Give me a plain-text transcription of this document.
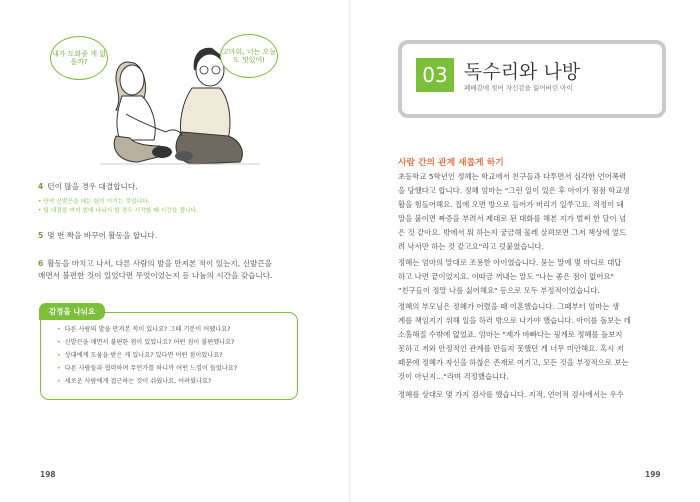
내가 도와줄 게 없을까?
고마워, 너는 오늘도 멋있어!
4 턴이 많을 경우 대결합니다.
• 만약 신발끈을 매는 팀이 이기는 것입니다.
• 팀 대결을 여러 번에 나눠서 할 경우 시작할 때 시간을 잽니다.
5 몇 번 짝을 바꾸어 활동을 합니다.
6 활동을 마치고 나서, 다른 사람의 발을 만져본 적이 있는지, 신발끈을
매면서 불편한 것이 있었다면 무엇이었는지 등 나눔의 시간을 갖습니다.
감정을 나눠요
• 다른 사람의 발을 만져본 적이 있나요? 그때 기분이 어땠나요?
• 신발끈을 매면서 불편한 점이 있었나요? 어떤 점이 불편했나요?
• 상대에게 도움을 받은 게 있나요? 있다면 어떤 점이었나요?
• 다른 사람들과 협력하며 무언가를 하니까 어떤 느낌이 들었나요?
• 새로운 사람에게 접근하는 것이 쉬웠나요, 어려웠나요?
198
03 독수리와 나방
폐배감에 젖어 자신감을 잃어버린 아이
사람 간의 관계 새롭게 하기
초등학교 5학년인 정혜는 학교에서 친구들과 다투면서 심각한 언어폭력
을 당했다고 합니다. 정혜 엄마는 "그런 일이 있은 후 아이가 점점 학교생
활을 힘들어해요. 집에 오면 방으로 들어가 버리기 일쑤고요. 걱정이 돼
말을 붙이면 짜증을 부려서 제대로 된 대화를 해본 지가 벌써 한 달이 넘
은 것 같아요. 밖에서 뭐 하는지 궁금해 물레 살펴보면 그저 책상에 엎드
려 낙서만 하는 것 같고요"라고 덧붙였습니다.
정혜는 엄마의 말대로 조용한 아이였습니다. 묻는 말에 몇 마디로 대답
하고 나면 끝이었지요. 이따금 꺼내는 말도 "나는 좋은 점이 없어요"
"친구들이 정말 나를 싫어해요" 등으로 모두 부정적이었습니다.
정혜의 부모님은 정혜가 어렸을 때 이혼했습니다. 그때부터 엄마는 생
계를 책임지기 위해 일을 하러 밖으로 나가야 했습니다. 아이를 돌보는 데
소홀해질 수밖에 없었죠. 엄마는 "제가 바빠다는 핑계로 정혜를 돌보지
못하고 저와 안정적인 관계를 만들지 못했던 게 너무 미안해요. 혹시 저
때문에 정혜가 자신을 하찮은 존재로 여기고, 모든 것을 부정적으로 보는
것이 아닌지…"라며 걱정했습니다.
정혜를 상대로 몇 가지 검사를 했습니다. 지적, 언어적 검사에서는 우수
199
